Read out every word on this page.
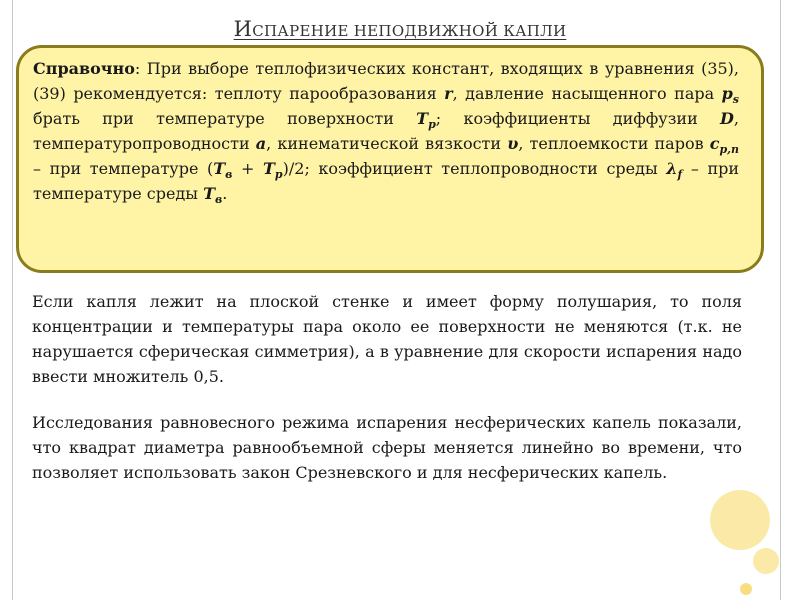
ИСПАРЕНИЕ НЕПОДВИЖНОЙ КАПЛИ
Справочно: При выборе теплофизических констант, входящих в уравнения (35), (39) рекомендуется: теплоту парообразования r, давление насыщенного пара $p_s$ брать при температуре поверхности $T_p$; коэффициенты диффузии D, температуропроводности a, кинематической вязкости υ, теплоемкости паров $c_{p,n}$ – при температуре $(T_в + T_p)/2$; коэффициент теплопроводности среды $\lambda_f$ – при температуре среды $T_в$.

Если капля лежит на плоской стенке и имеет форму полушария, то поля концентрации и температуры пара около ее поверхности не меняются (т.к. не нарушается сферическая симметрия), а в уравнение для скорости испарения надо ввести множитель 0,5.

Исследования равновесного режима испарения несферических капель показали, что квадрат диаметра равнообъемной сферы меняется линейно во времени, что позволяет использовать закон Срезневского и для несферических капель.
